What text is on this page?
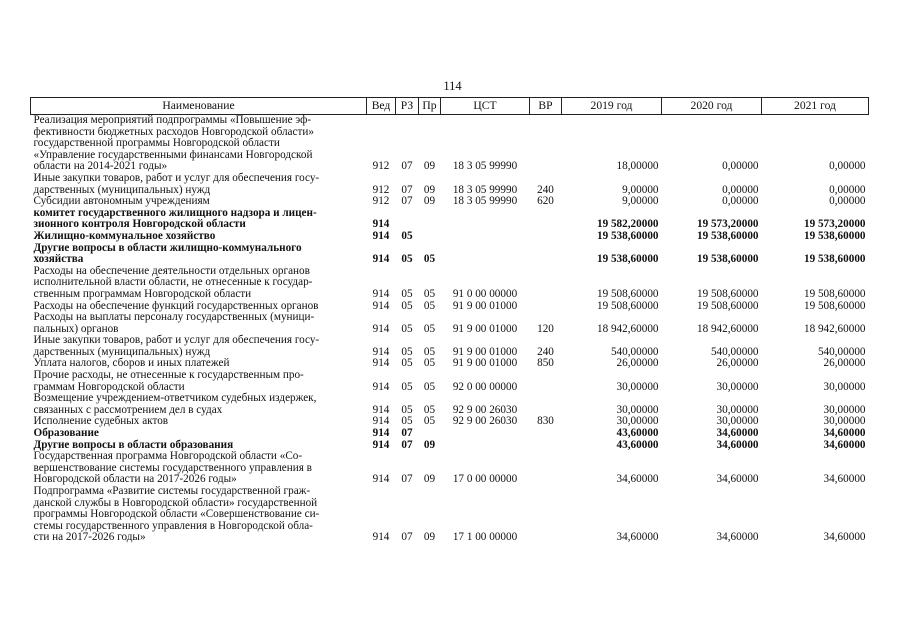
114
Наименование	Вед	РЗ	Пр	ЦСТ	ВР	2019 год	2020 год	2021 год
Реализация мероприятий подпрограммы «Повышение эф-
фективности бюджетных расходов Новгородской области»
государственной программы Новгородской области
«Управление государственными финансами Новгородской
области на 2014-2021 годы»	912	07	09	18 3 05 99990		18,00000	0,00000	0,00000
Иные закупки товаров, работ и услуг для обеспечения госу-
дарственных (муниципальных) нужд	912	07	09	18 3 05 99990	240	9,00000	0,00000	0,00000
Субсидии автономным учреждениям	912	07	09	18 3 05 99990	620	9,00000	0,00000	0,00000
комитет государственного жилищного надзора и лицен-
зионного контроля Новгородской области	914					19 582,20000	19 573,20000	19 573,20000
Жилищно-коммунальное хозяйство	914	05				19 538,60000	19 538,60000	19 538,60000
Другие вопросы в области жилищно-коммунального
хозяйства	914	05	05			19 538,60000	19 538,60000	19 538,60000
Расходы на обеспечение деятельности отдельных органов
исполнительной власти области, не отнесенные к государ-
ственным программам Новгородской области	914	05	05	91 0 00 00000		19 508,60000	19 508,60000	19 508,60000
Расходы на обеспечение функций государственных органов	914	05	05	91 9 00 01000		19 508,60000	19 508,60000	19 508,60000
Расходы на выплаты персоналу государственных (муници-
пальных) органов	914	05	05	91 9 00 01000	120	18 942,60000	18 942,60000	18 942,60000
Иные закупки товаров, работ и услуг для обеспечения госу-
дарственных (муниципальных) нужд	914	05	05	91 9 00 01000	240	540,00000	540,00000	540,00000
Уплата налогов, сборов и иных платежей	914	05	05	91 9 00 01000	850	26,00000	26,00000	26,00000
Прочие расходы, не отнесенные к государственным про-
граммам Новгородской области	914	05	05	92 0 00 00000		30,00000	30,00000	30,00000
Возмещение учреждением-ответчиком судебных издержек,
связанных с рассмотрением дел в судах	914	05	05	92 9 00 26030		30,00000	30,00000	30,00000
Исполнение судебных актов	914	05	05	92 9 00 26030	830	30,00000	30,00000	30,00000
Образование	914	07				43,60000	34,60000	34,60000
Другие вопросы в области образования	914	07	09			43,60000	34,60000	34,60000
Государственная программа Новгородской области «Со-
вершенствование системы государственного управления в
Новгородской области на 2017-2026 годы»	914	07	09	17 0 00 00000		34,60000	34,60000	34,60000
Подпрограмма «Развитие системы государственной граж-
данской службы в Новгородской области» государственной
программы Новгородской области «Совершенствование си-
стемы государственного управления в Новгородской обла-
сти на 2017-2026 годы»	914	07	09	17 1 00 00000		34,60000	34,60000	34,60000
